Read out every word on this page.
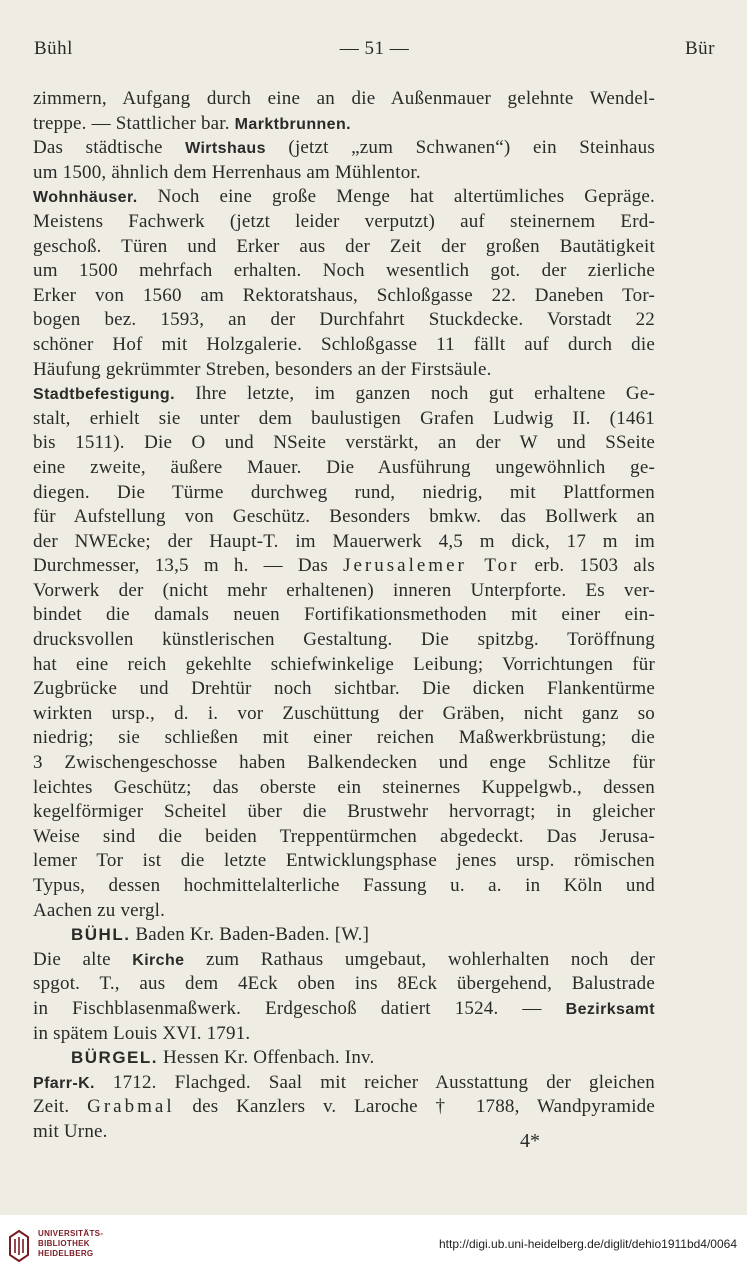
Bühl	— 51 —	Bür
zimmern, Aufgang durch eine an die Außenmauer gelehnte Wendel-
treppe. — Stattlicher bar. Marktbrunnen.
Das städtische Wirtshaus (jetzt „zum Schwanen“) ein Steinhaus
um 1500, ähnlich dem Herrenhaus am Mühlentor.
Wohnhäuser. Noch eine große Menge hat altertümliches Gepräge.
Meistens Fachwerk (jetzt leider verputzt) auf steinernem Erd-
geschoß. Türen und Erker aus der Zeit der großen Bautätigkeit
um 1500 mehrfach erhalten. Noch wesentlich got. der zierliche
Erker von 1560 am Rektoratshaus, Schloßgasse 22. Daneben Tor-
bogen bez. 1593, an der Durchfahrt Stuckdecke. Vorstadt 22
schöner Hof mit Holzgalerie. Schloßgasse 11 fällt auf durch die
Häufung gekrümmter Streben, besonders an der Firstsäule.
Stadtbefestigung. Ihre letzte, im ganzen noch gut erhaltene Ge-
stalt, erhielt sie unter dem baulustigen Grafen Ludwig II. (1461
bis 1511). Die O und NSeite verstärkt, an der W und SSeite
eine zweite, äußere Mauer. Die Ausführung ungewöhnlich ge-
diegen. Die Türme durchweg rund, niedrig, mit Plattformen
für Aufstellung von Geschütz. Besonders bmkw. das Bollwerk an
der NWEcke; der Haupt-T. im Mauerwerk 4,5 m dick, 17 m im
Durchmesser, 13,5 m h. — Das Jerusalemer Tor erb. 1503 als
Vorwerk der (nicht mehr erhaltenen) inneren Unterpforte. Es ver-
bindet die damals neuen Fortifikationsmethoden mit einer ein-
drucksvollen künstlerischen Gestaltung. Die spitzbg. Toröffnung
hat eine reich gekehlte schiefwinkelige Leibung; Vorrichtungen für
Zugbrücke und Drehtür noch sichtbar. Die dicken Flankentürme
wirkten ursp., d. i. vor Zuschüttung der Gräben, nicht ganz so
niedrig; sie schließen mit einer reichen Maßwerkbrüstung; die
3 Zwischengeschosse haben Balkendecken und enge Schlitze für
leichtes Geschütz; das oberste ein steinernes Kuppelgwb., dessen
kegelförmiger Scheitel über die Brustwehr hervorragt; in gleicher
Weise sind die beiden Treppentürmchen abgedeckt. Das Jerusa-
lemer Tor ist die letzte Entwicklungsphase jenes ursp. römischen
Typus, dessen hochmittelalterliche Fassung u. a. in Köln und
Aachen zu vergl.
BÜHL. Baden Kr. Baden-Baden. [W.]
Die alte Kirche zum Rathaus umgebaut, wohlerhalten noch der
spgot. T., aus dem 4Eck oben ins 8Eck übergehend, Balustrade
in Fischblasenmaßwerk. Erdgeschoß datiert 1524. — Bezirksamt
in spätem Louis XVI. 1791.
BÜRGEL. Hessen Kr. Offenbach. Inv.
Pfarr-K. 1712. Flachged. Saal mit reicher Ausstattung der gleichen
Zeit. Grabmal des Kanzlers v. Laroche † 1788, Wandpyramide
mit Urne.	4*
UNIVERSITÄTS-
BIBLIOTHEK
HEIDELBERG
http://digi.ub.uni-heidelberg.de/diglit/dehio1911bd4/0064
